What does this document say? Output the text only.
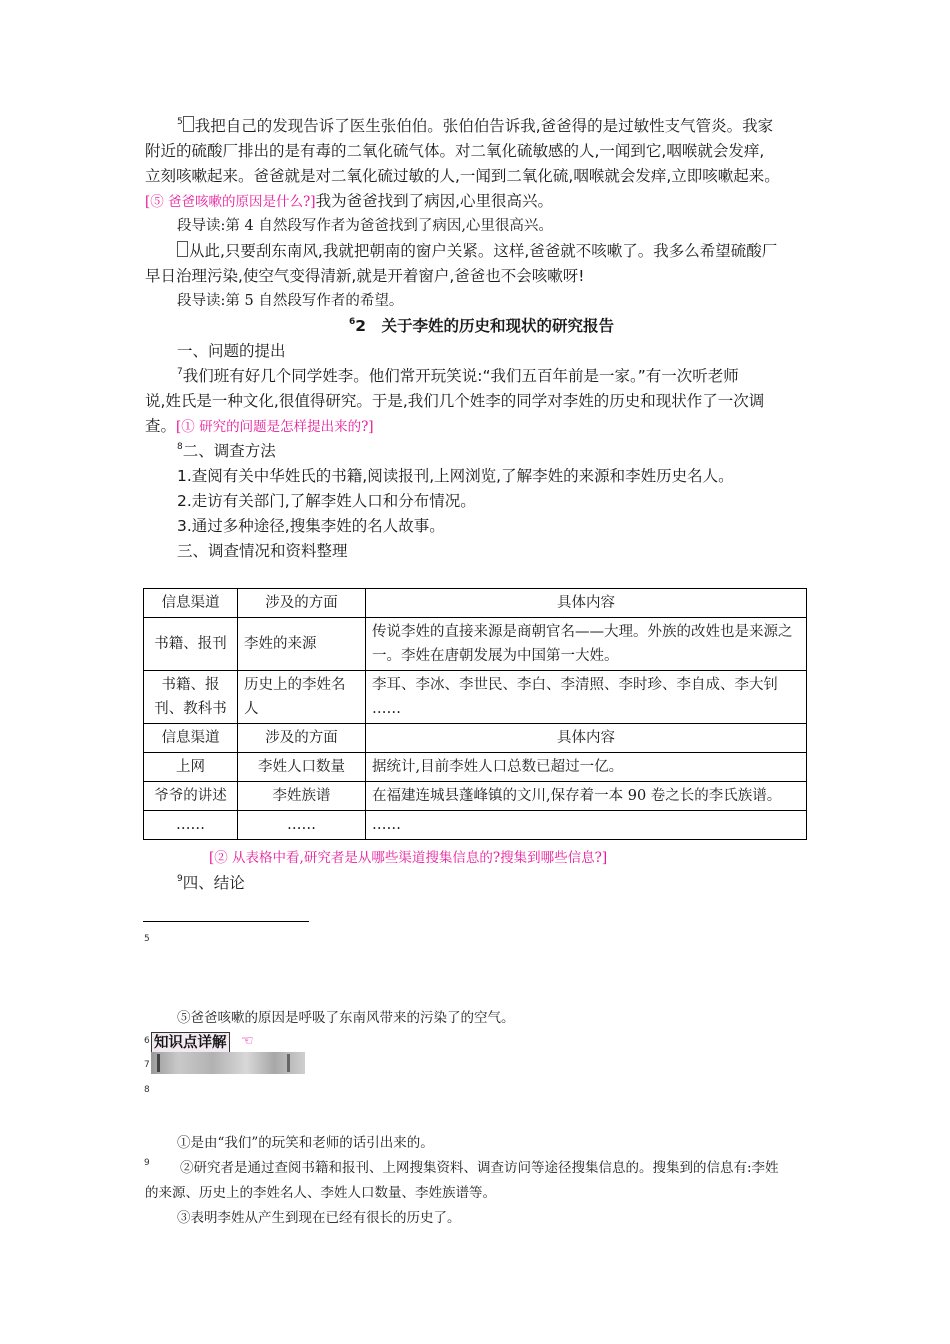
$^5$ 我把自己的发现告诉了医生张伯伯。张伯伯告诉我,爸爸得的是过敏性支气管炎。我家

附近的硫酸厂排出的是有毒的二氧化硫气体。对二氧化硫敏感的人,一闻到它,咽喉就会发痒,

立刻咳嗽起来。爸爸就是对二氧化硫过敏的人,一闻到二氧化硫,咽喉就会发痒,立即咳嗽起来。

[⑤ 爸爸咳嗽的原因是什么?]我为爸爸找到了病因,心里很高兴。

段导读:第 4 自然段写作者为爸爸找到了病因,心里很高兴。

从此,只要刮东南风,我就把朝南的窗户关紧。这样,爸爸就不咳嗽了。我多么希望硫酸厂

早日治理污染,使空气变得清新,就是开着窗户,爸爸也不会咳嗽呀!

段导读:第 5 自然段写作者的希望。

$^6$2　关于李姓的历史和现状的研究报告

一、问题的提出

$^7$我们班有好几个同学姓李。他们常开玩笑说:“我们五百年前是一家。”有一次听老师

说,姓氏是一种文化,很值得研究。于是,我们几个姓李的同学对李姓的历史和现状作了一次调

查。[① 研究的问题是怎样提出来的?]

$^8$二、调查方法

1.查阅有关中华姓氏的书籍,阅读报刊,上网浏览,了解李姓的来源和李姓历史名人。

2.走访有关部门,了解李姓人口和分布情况。

3.通过多种途径,搜集李姓的名人故事。

三、调查情况和资料整理

信息渠道	涉及的方面	具体内容
书籍、报刊	李姓的来源	传说李姓的直接来源是商朝官名——大理。外族的改姓也是来源之一。李姓在唐朝发展为中国第一大姓。
书籍、报刊、教科书	历史上的李姓名人	李耳、李冰、李世民、李白、李清照、李时珍、李自成、李大钊
……

信息渠道	涉及的方面	具体内容
上网	李姓人口数量	据统计,目前李姓人口总数已超过一亿。
爷爷的讲述	李姓族谱	在福建连城县蓬峰镇的文川,保存着一本 90 卷之长的李氏族谱。
……	……	……

[② 从表格中看,研究者是从哪些渠道搜集信息的?搜集到哪些信息?]

$^9$四、结论

5

⑤爸爸咳嗽的原因是呼吸了东南风带来的污染了的空气。

6 知识点详解 ☜
7
8

①是由“我们”的玩笑和老师的话引出来的。

9 ②研究者是通过查阅书籍和报刊、上网搜集资料、调查访问等途径搜集信息的。搜集到的信息有:李姓

的来源、历史上的李姓名人、李姓人口数量、李姓族谱等。

③表明李姓从产生到现在已经有很长的历史了。
